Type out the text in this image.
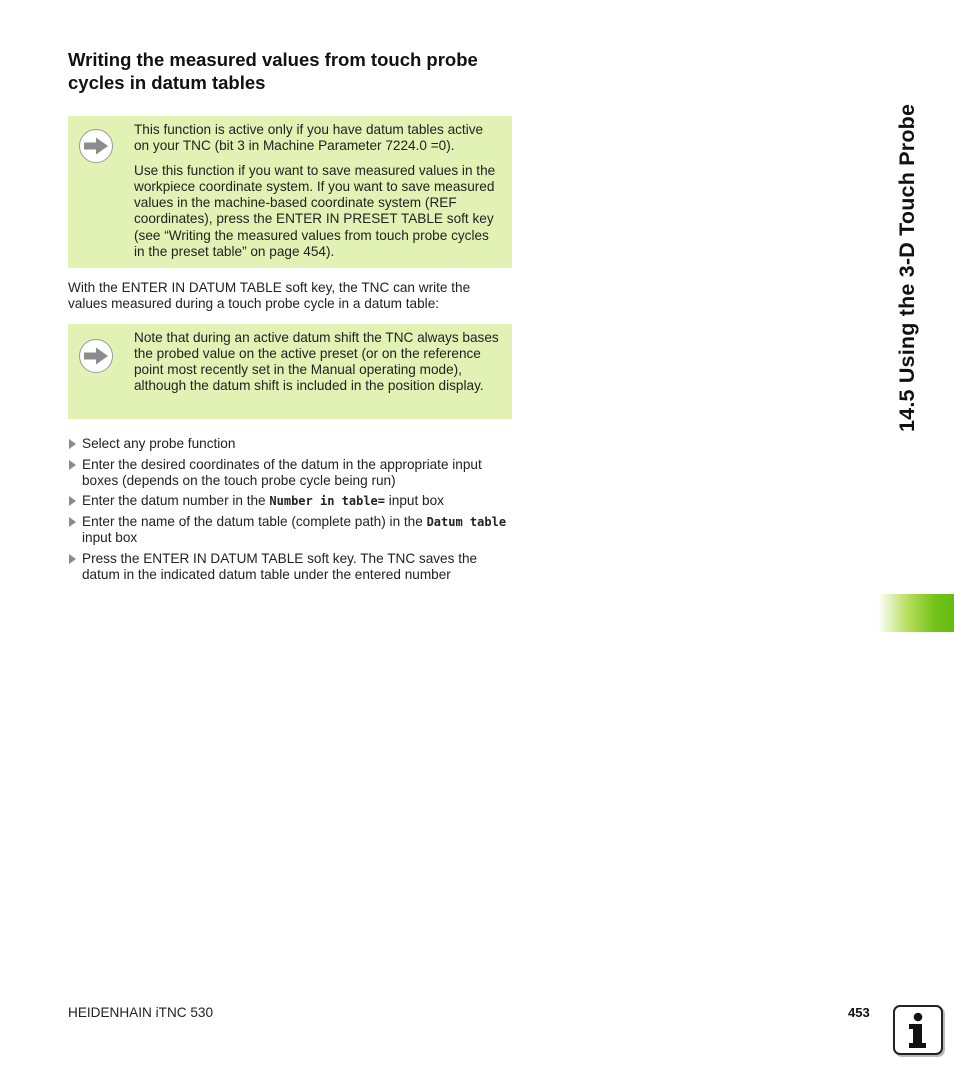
Writing the measured values from touch probe cycles in datum tables

This function is active only if you have datum tables active on your TNC (bit 3 in Machine Parameter 7224.0 =0).

Use this function if you want to save measured values in the workpiece coordinate system. If you want to save measured values in the machine-based coordinate system (REF coordinates), press the ENTER IN PRESET TABLE soft key (see “Writing the measured values from touch probe cycles in the preset table” on page 454).

With the ENTER IN DATUM TABLE soft key, the TNC can write the values measured during a touch probe cycle in a datum table:

Note that during an active datum shift the TNC always bases the probed value on the active preset (or on the reference point most recently set in the Manual operating mode), although the datum shift is included in the position display.

Select any probe function
Enter the desired coordinates of the datum in the appropriate input boxes (depends on the touch probe cycle being run)
Enter the datum number in the Number in table= input box
Enter the name of the datum table (complete path) in the Datum table input box
Press the ENTER IN DATUM TABLE soft key. The TNC saves the datum in the indicated datum table under the entered number
14.5 Using the 3-D Touch Probe
HEIDENHAIN iTNC 530	453
